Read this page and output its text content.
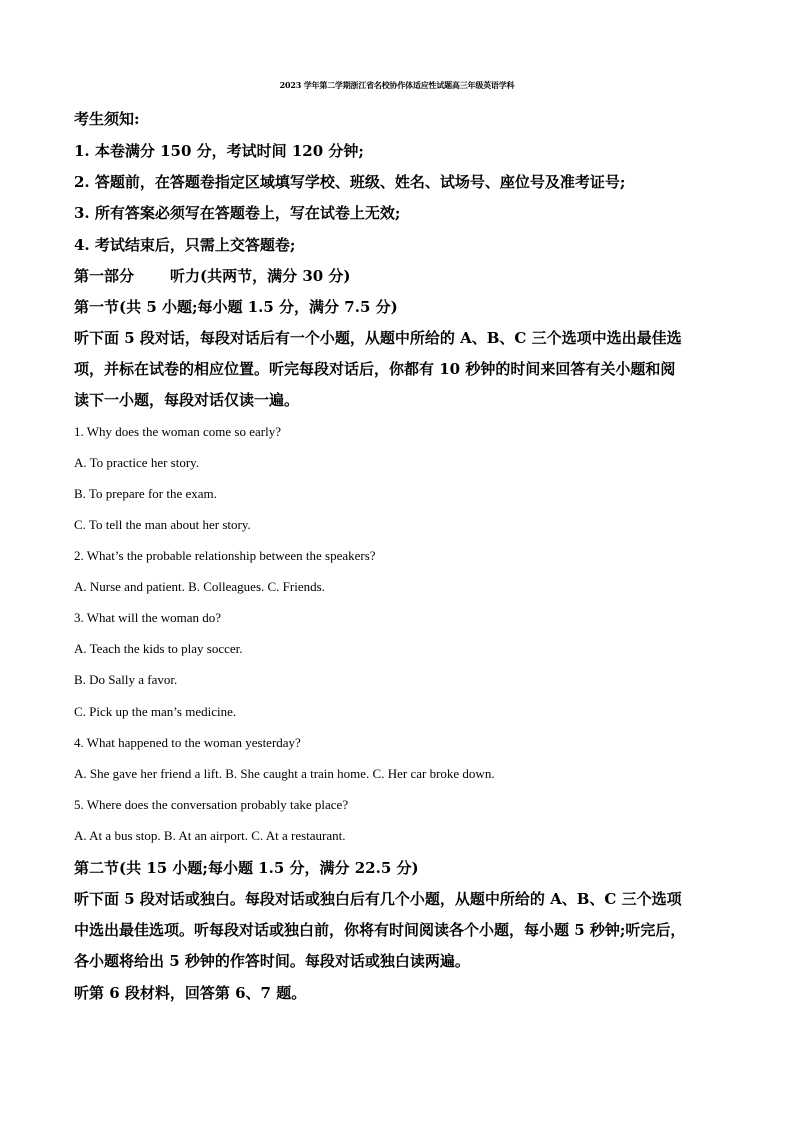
2023 学年第二学期浙江省名校协作体适应性试题高三年级英语学科
考生须知:
1. 本卷满分 150 分，考试时间 120 分钟;
2. 答题前，在答题卷指定区域填写学校、班级、姓名、试场号、座位号及准考证号;
3. 所有答案必须写在答题卷上，写在试卷上无效;
4. 考试结束后，只需上交答题卷;
第一部分 听力(共两节，满分 30 分)
第一节(共 5 小题;每小题 1.5 分，满分 7.5 分)
听下面 5 段对话，每段对话后有一个小题，从题中所给的 A、B、C 三个选项中选出最佳选
项，并标在试卷的相应位置。听完每段对话后，你都有 10 秒钟的时间来回答有关小题和阅
读下一小题，每段对话仅读一遍。
1. Why does the woman come so early?
A. To practice her story.
B. To prepare for the exam.
C. To tell the man about her story.
2. What’s the probable relationship between the speakers?
A. Nurse and patient. B. Colleagues. C. Friends.
3. What will the woman do?
A. Teach the kids to play soccer.
B. Do Sally a favor.
C. Pick up the man’s medicine.
4. What happened to the woman yesterday?
A. She gave her friend a lift. B. She caught a train home. C. Her car broke down.
5. Where does the conversation probably take place?
A. At a bus stop. B. At an airport. C. At a restaurant.
第二节(共 15 小题;每小题 1.5 分，满分 22.5 分)
听下面 5 段对话或独白。每段对话或独白后有几个小题，从题中所给的 A、B、C 三个选项
中选出最佳选项。听每段对话或独白前，你将有时间阅读各个小题，每小题 5 秒钟;听完后，
各小题将给出 5 秒钟的作答时间。每段对话或独白读两遍。
听第 6 段材料，回答第 6、7 题。
